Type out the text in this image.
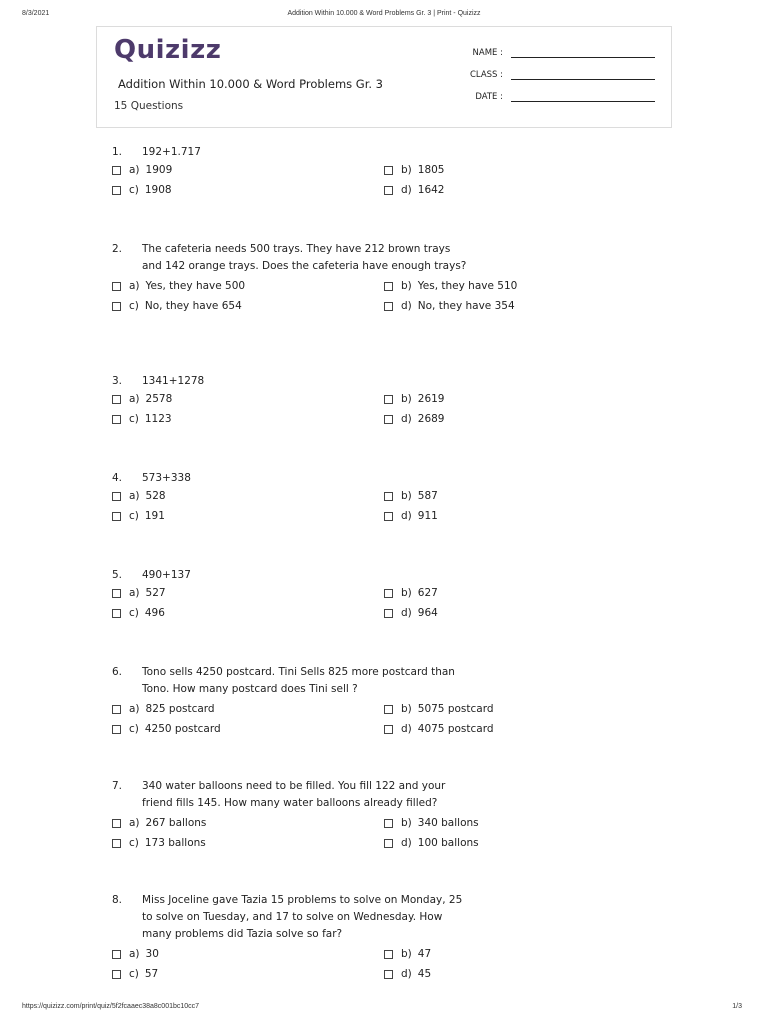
8/3/2021	Addition Within 10.000 & Word Problems Gr. 3 | Print - Quizizz
Quizizz
Addition Within 10.000 & Word Problems Gr. 3
15 Questions
NAME :
CLASS :
DATE :
1.	192+1.717
a) 1909	b) 1805
c) 1908	d) 1642
2.	The cafeteria needs 500 trays. They have 212 brown trays and 142 orange trays. Does the cafeteria have enough trays?
a) Yes, they have 500	b) Yes, they have 510
c) No, they have 654	d) No, they have 354
3.	1341+1278
a) 2578	b) 2619
c) 1123	d) 2689
4.	573+338
a) 528	b) 587
c) 191	d) 911
5.	490+137
a) 527	b) 627
c) 496	d) 964
6.	Tono sells 4250 postcard. Tini Sells 825 more postcard than Tono. How many postcard does Tini sell ?
a) 825 postcard	b) 5075 postcard
c) 4250 postcard	d) 4075 postcard
7.	340 water balloons need to be filled. You fill 122 and your friend fills 145. How many water balloons already filled?
a) 267 ballons	b) 340 ballons
c) 173 ballons	d) 100 ballons
8.	Miss Joceline gave Tazia 15 problems to solve on Monday, 25 to solve on Tuesday, and 17 to solve on Wednesday. How many problems did Tazia solve so far?
a) 30	b) 47
c) 57	d) 45
https://quizizz.com/print/quiz/5f2fcaaec38a8c001bc10cc7	1/3
